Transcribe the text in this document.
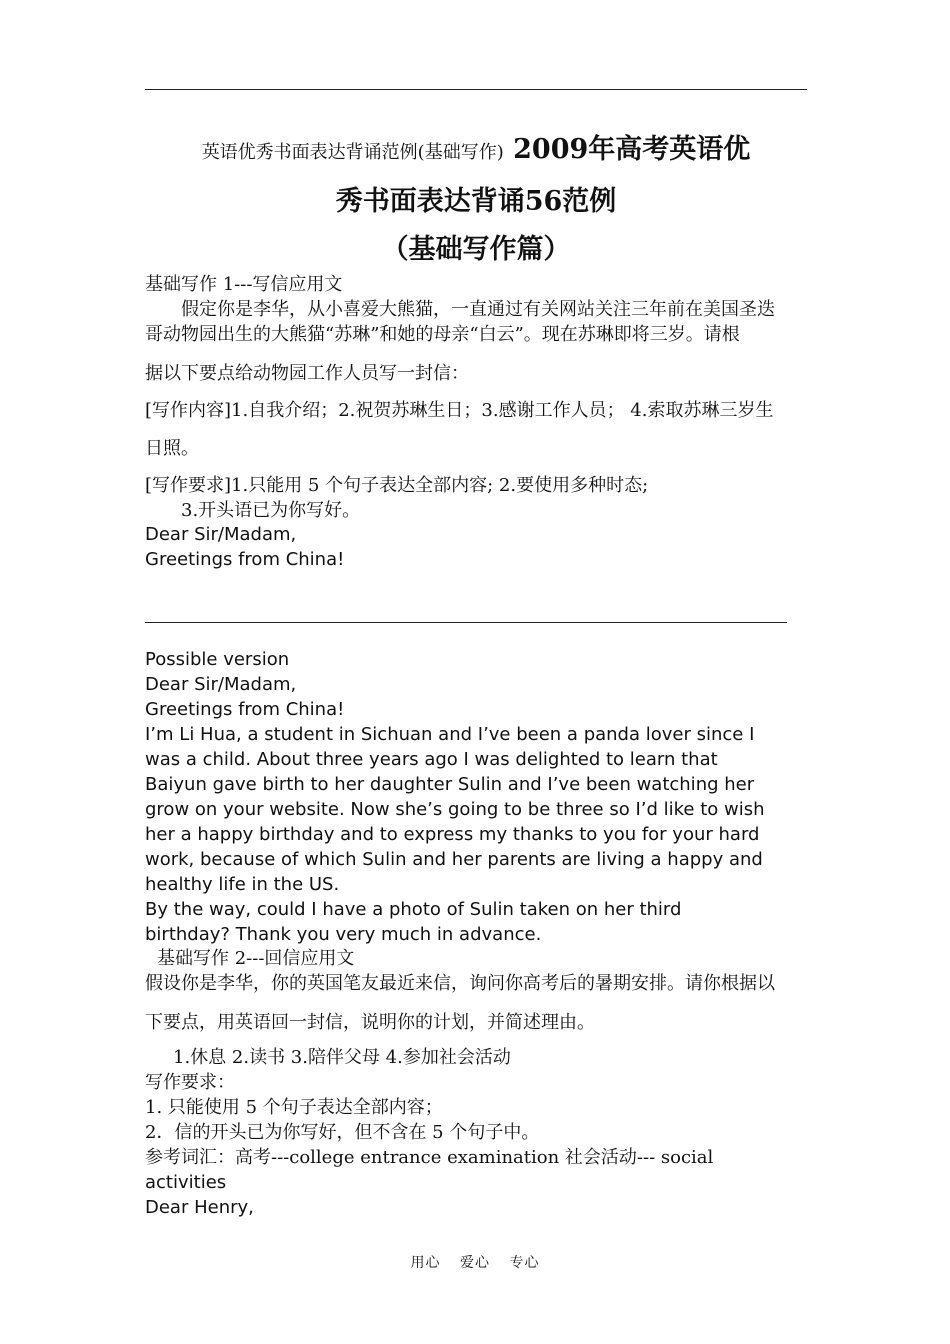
英语优秀书面表达背诵范例(基础写作) 2009年高考英语优
秀书面表达背诵56范例
（基础写作篇）
基础写作 1---写信应用文
假定你是李华，从小喜爱大熊猫，一直通过有关网站关注三年前在美国圣迭
哥动物园出生的大熊猫“苏琳”和她的母亲“白云”。现在苏琳即将三岁。请根
据以下要点给动物园工作人员写一封信：
[写作内容]1.自我介绍；2.祝贺苏琳生日；3.感谢工作人员； 4.索取苏琳三岁生
日照。
[写作要求]1.只能用 5 个句子表达全部内容; 2.要使用多种时态;
3.开头语已为你写好。
Dear Sir/Madam,
Greetings from China!
Possible version
Dear Sir/Madam,
Greetings from China!
I’m Li Hua, a student in Sichuan and I’ve been a panda lover since I
was a child. About three years ago I was delighted to learn that
Baiyun gave birth to her daughter Sulin and I’ve been watching her
grow on your website. Now she’s going to be three so I’d like to wish
her a happy birthday and to express my thanks to you for your hard
work, because of which Sulin and her parents are living a happy and
healthy life in the US.
By the way, could I have a photo of Sulin taken on her third
birthday? Thank you very much in advance.
基础写作 2---回信应用文
假设你是李华，你的英国笔友最近来信，询问你高考后的暑期安排。请你根据以
下要点，用英语回一封信，说明你的计划，并简述理由。
1.休息 2.读书 3.陪伴父母 4.参加社会活动
写作要求：
1. 只能使用 5 个句子表达全部内容；
2．信的开头已为你写好，但不含在 5 个句子中。
参考词汇：高考---college entrance examination 社会活动--- social
activities
Dear Henry,
用心 爱心 专心
